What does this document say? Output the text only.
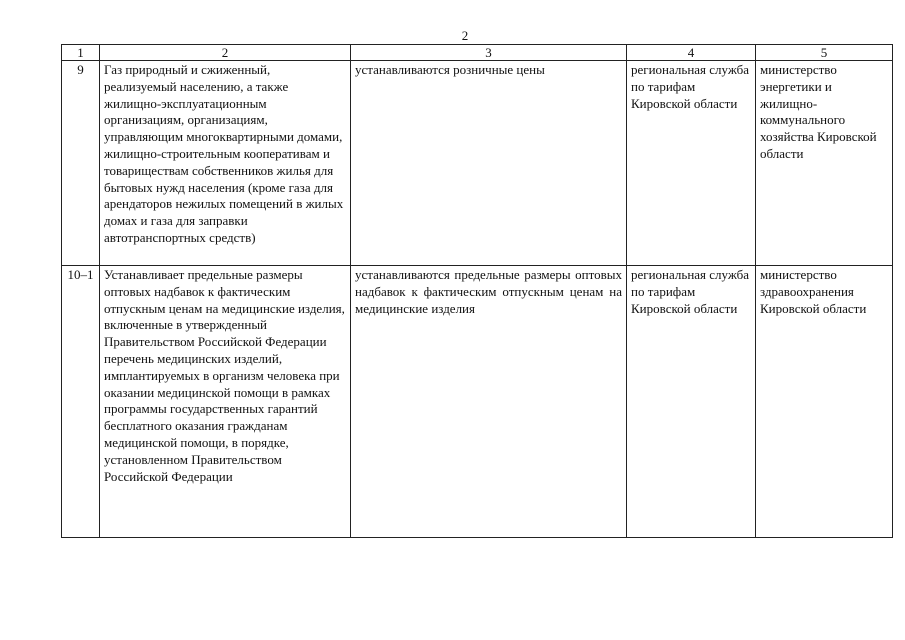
2
1	2	3	4	5
9	Газ природный и сжиженный, реализуемый населению, а также жилищно-эксплуатационным организациям, организациям, управляющим многоквартирными домами, жилищно-строительным кооперативам и товариществам собственников жилья для бытовых нужд населения (кроме газа для арендаторов нежилых помещений в жилых домах и газа для заправки автотранспортных средств)	устанавливаются розничные цены	региональная служба по тарифам Кировской области	министерство энергетики и жилищно-коммунального хозяйства Кировской области
10–1	Устанавливает предельные размеры оптовых надбавок к фактическим отпускным ценам на медицинские изделия, включенные в утвержденный Правительством Российской Федерации перечень медицинских изделий, имплантируемых в организм человека при оказании медицинской помощи в рамках программы государственных гарантий бесплатного оказания гражданам медицинской помощи, в порядке, установленном Правительством Российской Федерации	устанавливаются предельные размеры оптовых надбавок к фактическим отпускным ценам на медицинские изделия	региональная служба по тарифам Кировской области	министерство здравоохранения Кировской области
